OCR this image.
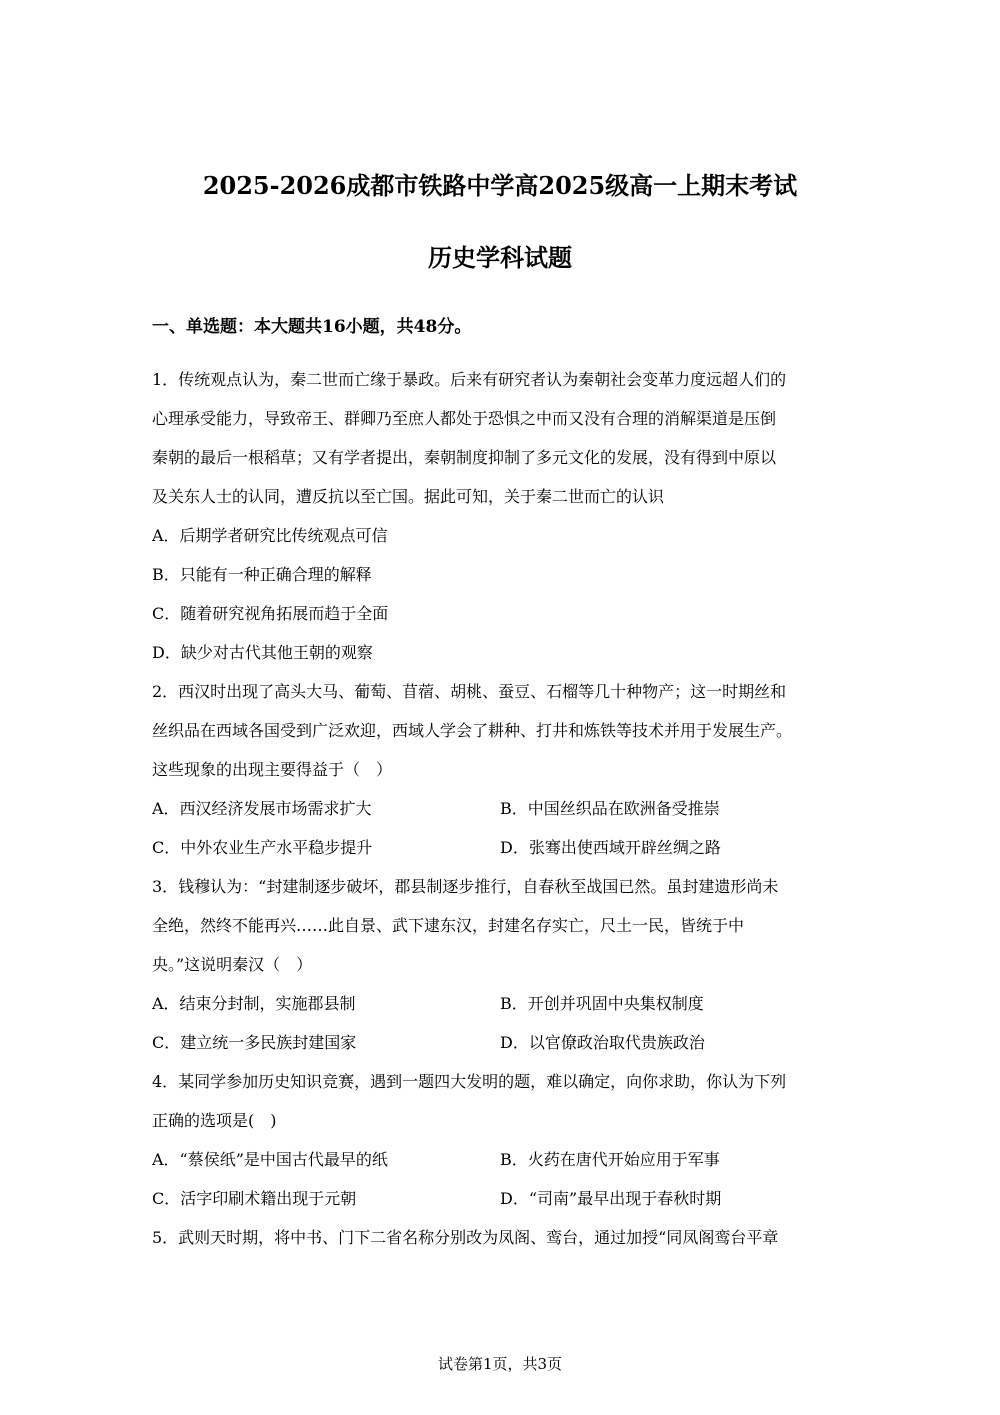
2025-2026成都市铁路中学高2025级高一上期末考试
历史学科试题
一、单选题：本大题共16小题，共48分。
1．传统观点认为，秦二世而亡缘于暴政。后来有研究者认为秦朝社会变革力度远超人们的
心理承受能力，导致帝王、群卿乃至庶人都处于恐惧之中而又没有合理的消解渠道是压倒
秦朝的最后一根稻草；又有学者提出，秦朝制度抑制了多元文化的发展，没有得到中原以
及关东人士的认同，遭反抗以至亡国。据此可知，关于秦二世而亡的认识
A．后期学者研究比传统观点可信
B．只能有一种正确合理的解释
C．随着研究视角拓展而趋于全面
D．缺少对古代其他王朝的观察
2．西汉时出现了高头大马、葡萄、苜蓿、胡桃、蚕豆、石榴等几十种物产；这一时期丝和
丝织品在西域各国受到广泛欢迎，西域人学会了耕种、打井和炼铁等技术并用于发展生产。
这些现象的出现主要得益于（　）
A．西汉经济发展市场需求扩大	B．中国丝织品在欧洲备受推崇
C．中外农业生产水平稳步提升	D．张骞出使西域开辟丝绸之路
3．钱穆认为：“封建制逐步破坏，郡县制逐步推行，自春秋至战国已然。虽封建遗形尚未
全绝，然终不能再兴……此自景、武下逮东汉，封建名存实亡，尺土一民，皆统于中
央。”这说明秦汉（　）
A．结束分封制，实施郡县制	B．开创并巩固中央集权制度
C．建立统一多民族封建国家	D．以官僚政治取代贵族政治
4．某同学参加历史知识竞赛，遇到一题四大发明的题，难以确定，向你求助，你认为下列
正确的选项是(　)
A．“蔡侯纸”是中国古代最早的纸	B．火药在唐代开始应用于军事
C．活字印刷术籍出现于元朝	D．“司南”最早出现于春秋时期
5．武则天时期，将中书、门下二省名称分别改为凤阁、鸾台，通过加授“同凤阁鸾台平章
试卷第1页，共3页
